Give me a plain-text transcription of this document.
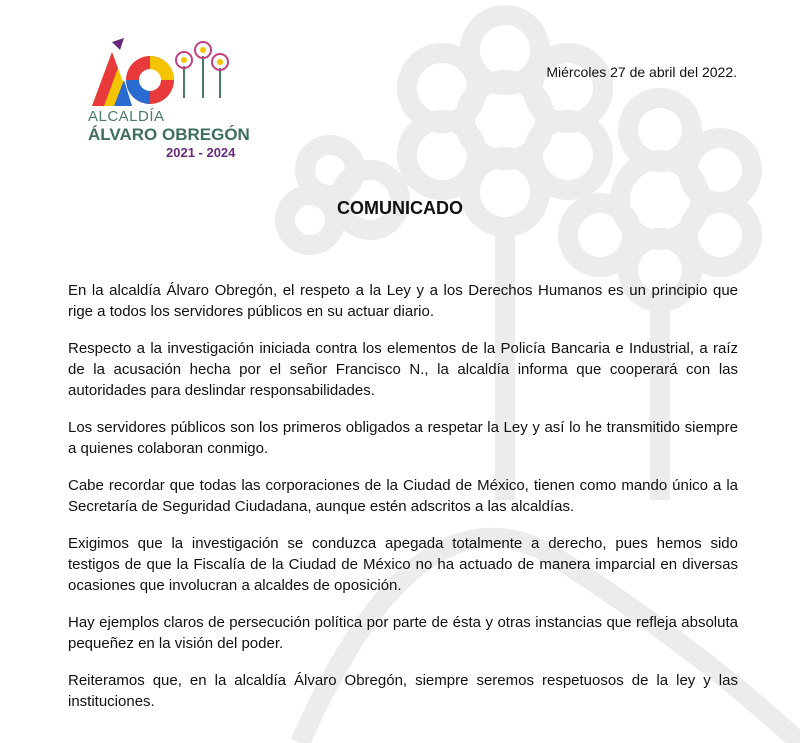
ALCALDÍA
ÁLVARO OBREGÓN
2021 - 2024
Miércoles 27 de abril del 2022.
COMUNICADO

En la alcaldía Álvaro Obregón, el respeto a la Ley y a los Derechos Humanos es un principio que rige a todos los servidores públicos en su actuar diario.

Respecto a la investigación iniciada contra los elementos de la Policía Bancaria e Industrial, a raíz de la acusación hecha por el señor Francisco N., la alcaldía informa que cooperará con las autoridades para deslindar responsabilidades.

Los servidores públicos son los primeros obligados a respetar la Ley y así lo he transmitido siempre a quienes colaboran conmigo.

Cabe recordar que todas las corporaciones de la Ciudad de México, tienen como mando único a la Secretaría de Seguridad Ciudadana, aunque estén adscritos a las alcaldías.

Exigimos que la investigación se conduzca apegada totalmente a derecho, pues hemos sido testigos de que la Fiscalía de la Ciudad de México no ha actuado de manera imparcial en diversas ocasiones que involucran a alcaldes de oposición.

Hay ejemplos claros de persecución política por parte de ésta y otras instancias que refleja absoluta pequeñez en la visión del poder.

Reiteramos que, en la alcaldía Álvaro Obregón, siempre seremos respetuosos de la ley y las instituciones.
